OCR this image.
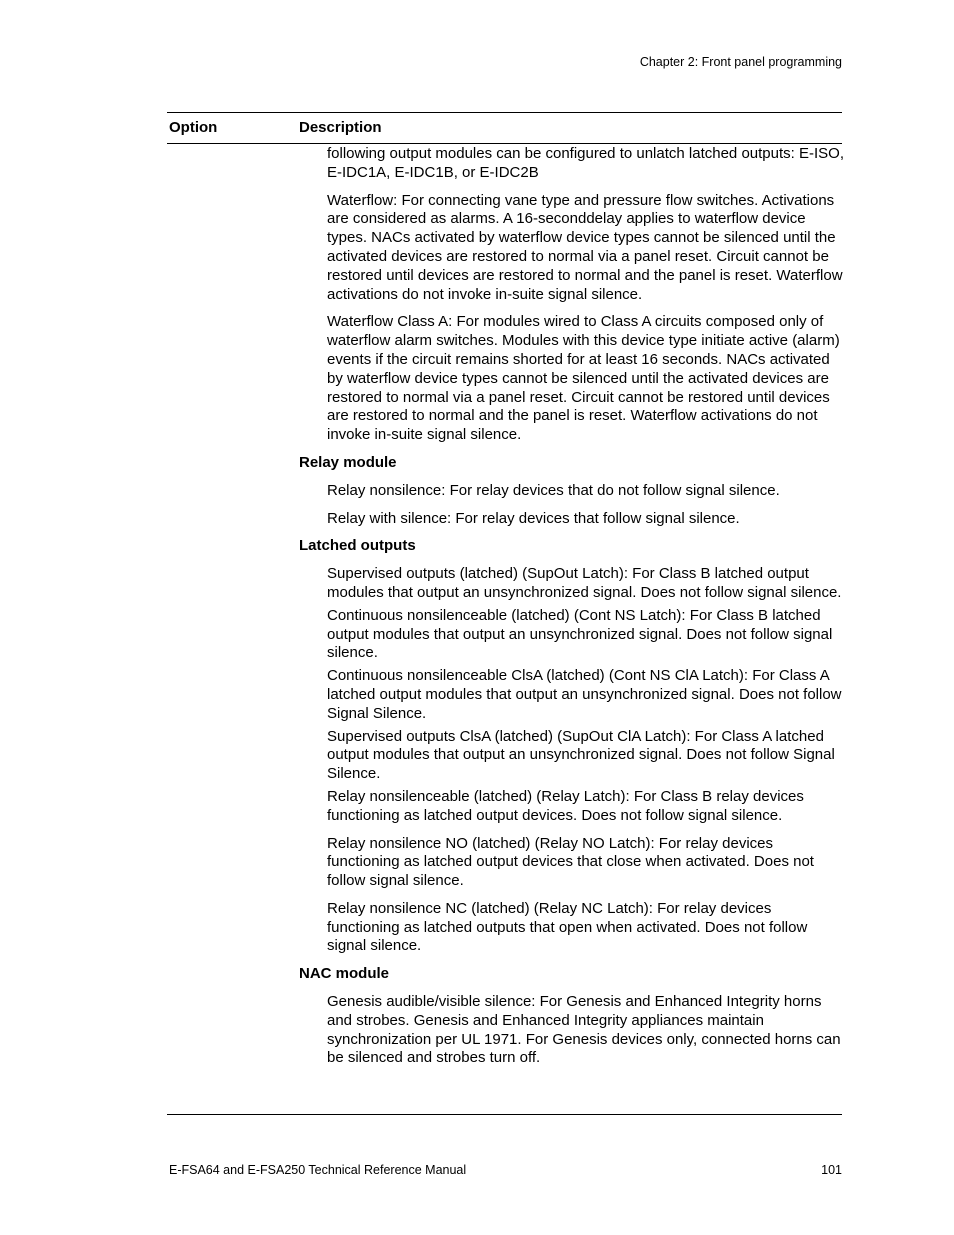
Chapter 2: Front panel programming
Option	Description

following output modules can be configured to unlatch latched outputs: E-ISO, E-IDC1A, E-IDC1B, or E-IDC2B

Waterflow: For connecting vane type and pressure flow switches. Activations are considered as alarms. A 16-seconddelay applies to waterflow device types. NACs activated by waterflow device types cannot be silenced until the activated devices are restored to normal via a panel reset. Circuit cannot be restored until devices are restored to normal and the panel is reset. Waterflow activations do not invoke in-suite signal silence.

Waterflow Class A: For modules wired to Class A circuits composed only of waterflow alarm switches. Modules with this device type initiate active (alarm) events if the circuit remains shorted for at least 16 seconds. NACs activated by waterflow device types cannot be silenced until the activated devices are restored to normal via a panel reset. Circuit cannot be restored until devices are restored to normal and the panel is reset. Waterflow activations do not invoke in-suite signal silence.

Relay module

Relay nonsilence: For relay devices that do not follow signal silence.

Relay with silence: For relay devices that follow signal silence.

Latched outputs

Supervised outputs (latched) (SupOut Latch): For Class B latched output modules that output an unsynchronized signal. Does not follow signal silence.

Continuous nonsilenceable (latched) (Cont NS Latch): For Class B latched output modules that output an unsynchronized signal. Does not follow signal silence.

Continuous nonsilenceable ClsA (latched) (Cont NS ClA Latch): For Class A latched output modules that output an unsynchronized signal. Does not follow Signal Silence.

Supervised outputs ClsA (latched) (SupOut ClA Latch): For Class A latched output modules that output an unsynchronized signal. Does not follow Signal Silence.

Relay nonsilenceable (latched) (Relay Latch): For Class B relay devices functioning as latched output devices. Does not follow signal silence.

Relay nonsilence NO (latched) (Relay NO Latch): For relay devices functioning as latched output devices that close when activated. Does not follow signal silence.

Relay nonsilence NC (latched) (Relay NC Latch): For relay devices functioning as latched outputs that open when activated. Does not follow signal silence.

NAC module

Genesis audible/visible silence: For Genesis and Enhanced Integrity horns and strobes. Genesis and Enhanced Integrity appliances maintain synchronization per UL 1971. For Genesis devices only, connected horns can be silenced and strobes turn off.

E-FSA64 and E-FSA250 Technical Reference Manual	101
